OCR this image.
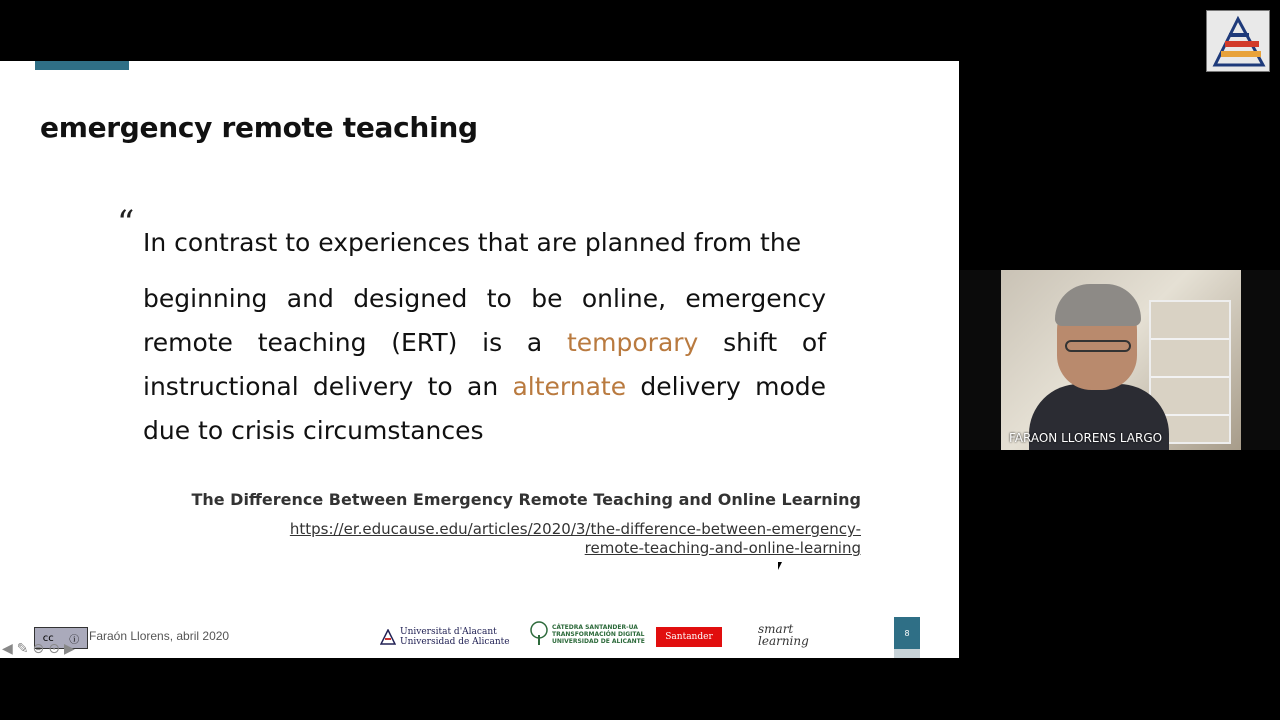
emergency remote teaching
“ In contrast to experiences that are planned from the
beginning and designed to be online, emergency remote teaching (ERT) is a temporary shift of instructional delivery to an alternate delivery mode due to crisis circumstances
The Difference Between Emergency Remote Teaching and Online Learning
https://er.educause.edu/articles/2020/3/the-difference-between-emergency-remote-teaching-and-online-learning
cc ⓘ Faraón Llorens, abril 2020
◀ ✎ ⊜ ⊙ ▶
Universitat d'Alacant
Universidad de Alicante
CÁTEDRA SANTANDER-UA
TRANSFORMACIÓN DIGITAL
UNIVERSIDAD DE ALICANTE	Santander
smart
learning
8
FARAON LLORENS LARGO
